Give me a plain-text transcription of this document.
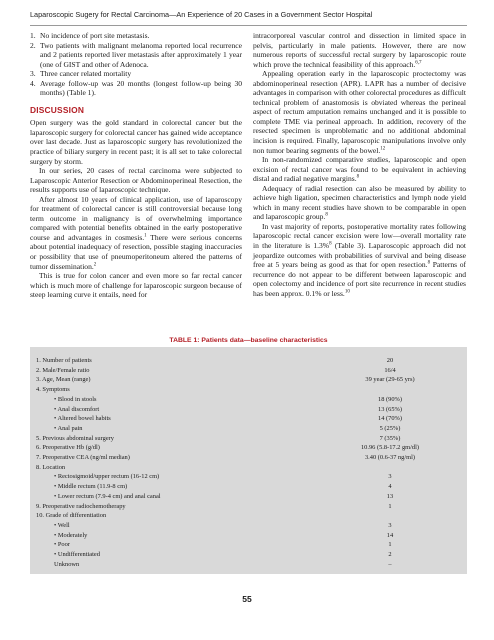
Laparoscopic Sugery for Rectal Carcinoma—An Experience of 20 Cases in a Government Sector Hospital
1. No incidence of port site metastasis.
2. Two patients with malignant melanoma reported local recurrence and 2 patients reported liver metastasis after approximately 1 year (one of GIST and other of Adenoca.
3. Three cancer related mortality
4. Average follow-up was 20 months (longest follow-up being 30 months) (Table 1).
DISCUSSION

Open surgery was the gold standard in colorectal cancer but the laparoscopic surgery for colorectal cancer has gained wide acceptance over last decade. Just as laparoscopic surgery has revolutionized the practice of biliary surgery in recent past; it is all set to take colorectal surgery by storm.

In our series, 20 cases of rectal carcinoma were subjected to Laparoscopic Anterior Resection or Abdominoperineal Resection, the results supports use of laparoscopic technique.

After almost 10 years of clinical application, use of laparoscopy for treatment of colorectal cancer is still controversial because long term outcome in malignancy is of overwhelming importance compared with potential benefits obtained in the early postoperative course and advantages in cosmesis.$^1$ There were serious concerns about potential inadequacy of resection, possible staging inaccuracies or possibility that use of pneumoperitoneum altered the patterns of tumor dissemination.$^2$

This is true for colon cancer and even more so far rectal cancer which is much more of challenge for laparoscopic surgeon because of steep learning curve it entails, need for

intracorporeal vascular control and dissection in limited space in pelvis, particularly in male patients. However, there are now numerous reports of successful rectal surgery by laparoscopic route which prove the technical feasibility of this approach.$^{6,7}$

Appealing operation early in the laparoscopic proctectomy was abdominoperineal resection (APR). LAPR has a number of decisive advantages in comparison with other colorectal procedures as difficult technical problem of anastomosis is obviated whereas the perineal aspect of rectum amputation remains unchanged and it is possible to complete TME via perineal approach. In addition, recovery of the resected specimen is unproblematic and no additional abdominal incision is required. Finally, laparoscopic manipulations involve only non tumor bearing segments of the bowel.$^{12}$

In non-randomized comparative studies, laparoscopic and open excision of rectal cancer was found to be equivalent in achieving distal and radial negative margins.$^8$

Adequacy of radial resection can also be measured by ability to achieve high ligation, specimen characteristics and lymph node yield which in many recent studies have shown to be comparable in open and laparoscopic group.$^8$

In vast majority of reports, postoperative mortality rates following laparoscopic rectal cancer excision were low—overall mortality rate in the literature is 1.3%$^8$ (Table 3). Laparoscopic approach did not jeopardize outcomes with probabilities of survival and being disease free at 5 years being as good as that for open resection.$^8$ Patterns of recurrence do not appear to be different between laparoscopic and open colectomy and incidence of port site recurrence in recent studies has been approx. 0.1% or less.$^{10}$

TABLE 1: Patients data—baseline characteristics
1. Number of patients	20
2. Male/Female ratio	16/4
3. Age, Mean (range)	39 year (29-65 yrs)
4. Symptoms
• Blood in stools	18 (90%)
• Anal discomfort	13 (65%)
• Altered bowel habits	14 (70%)
• Anal pain	5 (25%)
5. Previous abdominal surgery	7 (35%)
6. Preoperative Hb (g/dl)	10.96 (5.8-17.2 gm/dl)
7. Preoperative CEA (ng/ml median)	3.40 (0.6-37 ng/ml)
8. Location
• Rectosigmoid/upper rectum (16-12 cm)	3
• Middle rectum (11.9-8 cm)	4
• Lower rectum (7.9-4 cm) and anal canal	13
9. Preoperative radiochemotherapy	1
10. Grade of differentiation
• Well	3
• Moderately	14
• Poor	1
• Undifferentiated	2
Unknown	–
55
